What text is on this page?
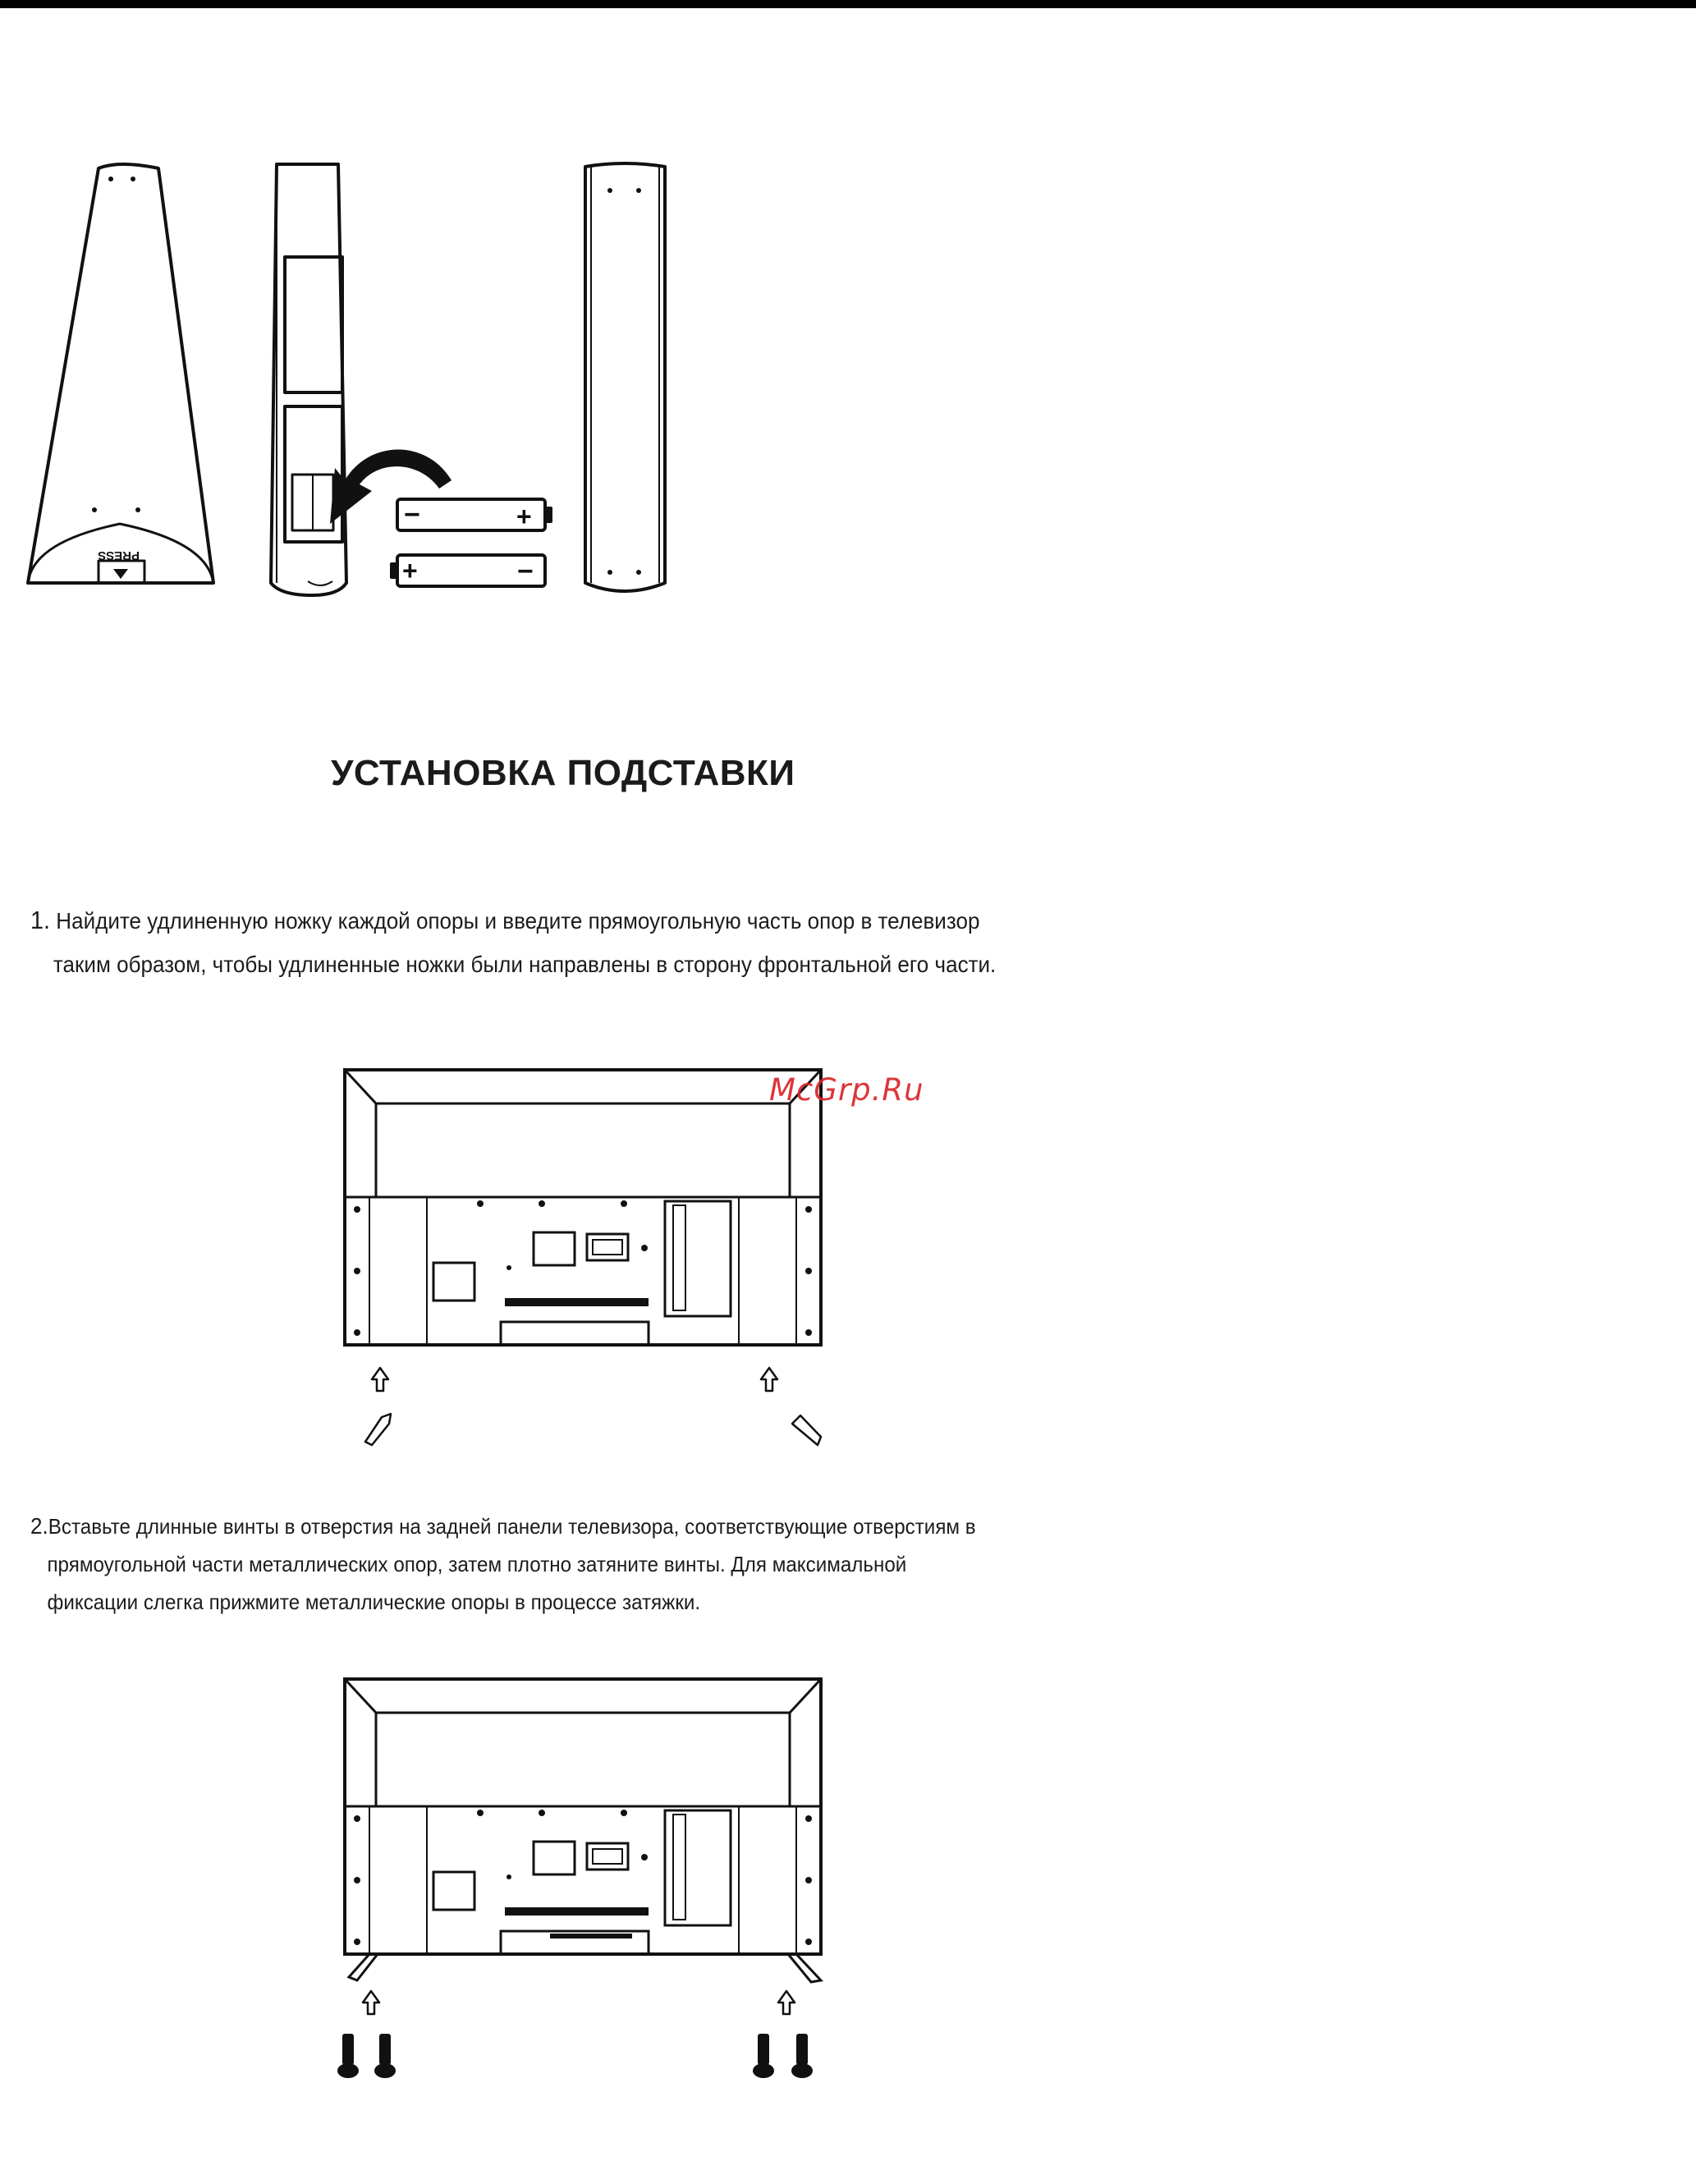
PRESS
−	+
+	−
УСТАНОВКА ПОДСТАВКИ
1. Найдите удлиненную ножку каждой опоры и введите прямоугольную часть опор в телевизор
таким образом, чтобы удлиненные ножки были направлены в сторону фронтальной его части.
McGrp.Ru
2.Вставьте длинные винты в отверстия на задней панели телевизора, соответствующие отверстиям в
прямоугольной части металлических опор, затем плотно затяните винты. Для максимальной
фиксации слегка прижмите металлические опоры в процессе затяжки.
